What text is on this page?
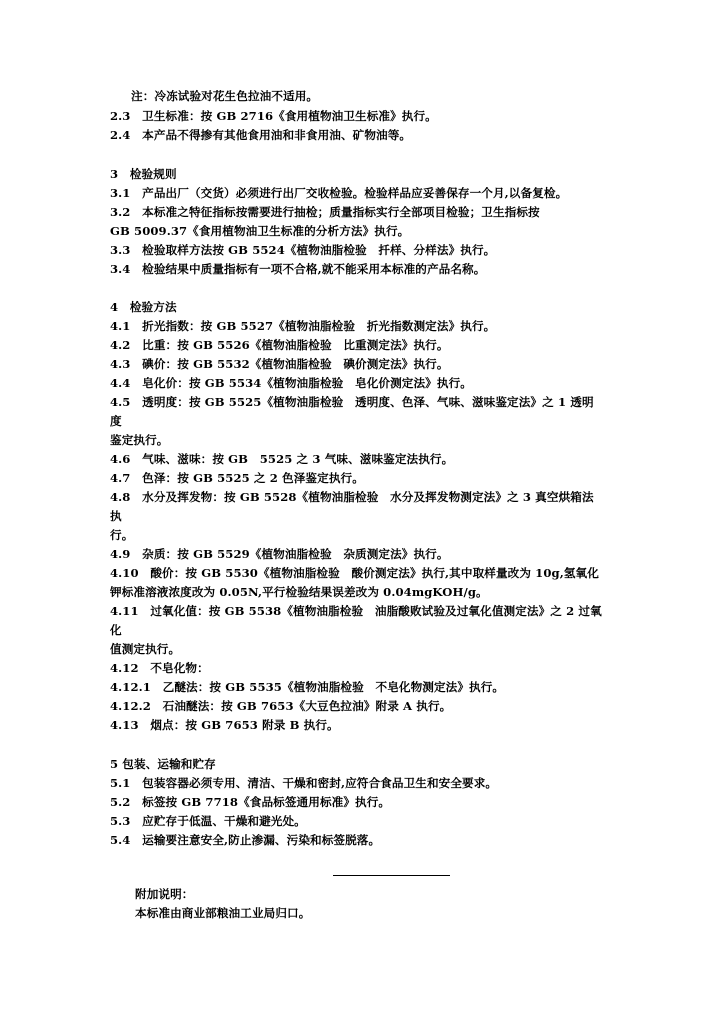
注：冷冻试验对花生色拉油不适用。
2.3　卫生标准：按 GB 2716《食用植物油卫生标准》执行。
2.4　本产品不得掺有其他食用油和非食用油、矿物油等。
3　检验规则
3.1　产品出厂（交货）必须进行出厂交收检验。检验样品应妥善保存一个月,以备复检。
3.2　本标准之特征指标按需要进行抽检；质量指标实行全部项目检验；卫生指标按
GB 5009.37《食用植物油卫生标准的分析方法》执行。
3.3　检验取样方法按 GB 5524《植物油脂检验　扦样、分样法》执行。
3.4　检验结果中质量指标有一项不合格,就不能采用本标准的产品名称。
4　检验方法
4.1　折光指数：按 GB 5527《植物油脂检验　折光指数测定法》执行。
4.2　比重：按 GB 5526《植物油脂检验　比重测定法》执行。
4.3　碘价：按 GB 5532《植物油脂检验　碘价测定法》执行。
4.4　皂化价：按 GB 5534《植物油脂检验　皂化价测定法》执行。
4.5　透明度：按 GB 5525《植物油脂检验　透明度、色泽、气味、滋味鉴定法》之 1 透明
度
鉴定执行。
4.6　气味、滋味：按 GB　5525 之 3 气味、滋味鉴定法执行。
4.7　色泽：按 GB 5525 之 2 色泽鉴定执行。
4.8　水分及挥发物：按 GB 5528《植物油脂检验　水分及挥发物测定法》之 3 真空烘箱法
执
行。
4.9　杂质：按 GB 5529《植物油脂检验　杂质测定法》执行。
4.10　酸价：按 GB 5530《植物油脂检验　酸价测定法》执行,其中取样量改为 10g,氢氧化
钾标准溶液浓度改为 0.05N,平行检验结果误差改为 0.04mgKOH/g。
4.11　过氧化值：按 GB 5538《植物油脂检验　油脂酸败试验及过氧化值测定法》之 2 过氧
化
值测定执行。
4.12　不皂化物：
4.12.1　乙醚法：按 GB 5535《植物油脂检验　不皂化物测定法》执行。
4.12.2　石油醚法：按 GB 7653《大豆色拉油》附录 A 执行。
4.13　烟点：按 GB 7653 附录 B 执行。
5 包装、运输和贮存
5.1　包装容器必须专用、清洁、干燥和密封,应符合食品卫生和安全要求。
5.2　标签按 GB 7718《食品标签通用标准》执行。
5.3　应贮存于低温、干燥和避光处。
5.4　运输要注意安全,防止渗漏、污染和标签脱落。
附加说明：
本标准由商业部粮油工业局归口。
